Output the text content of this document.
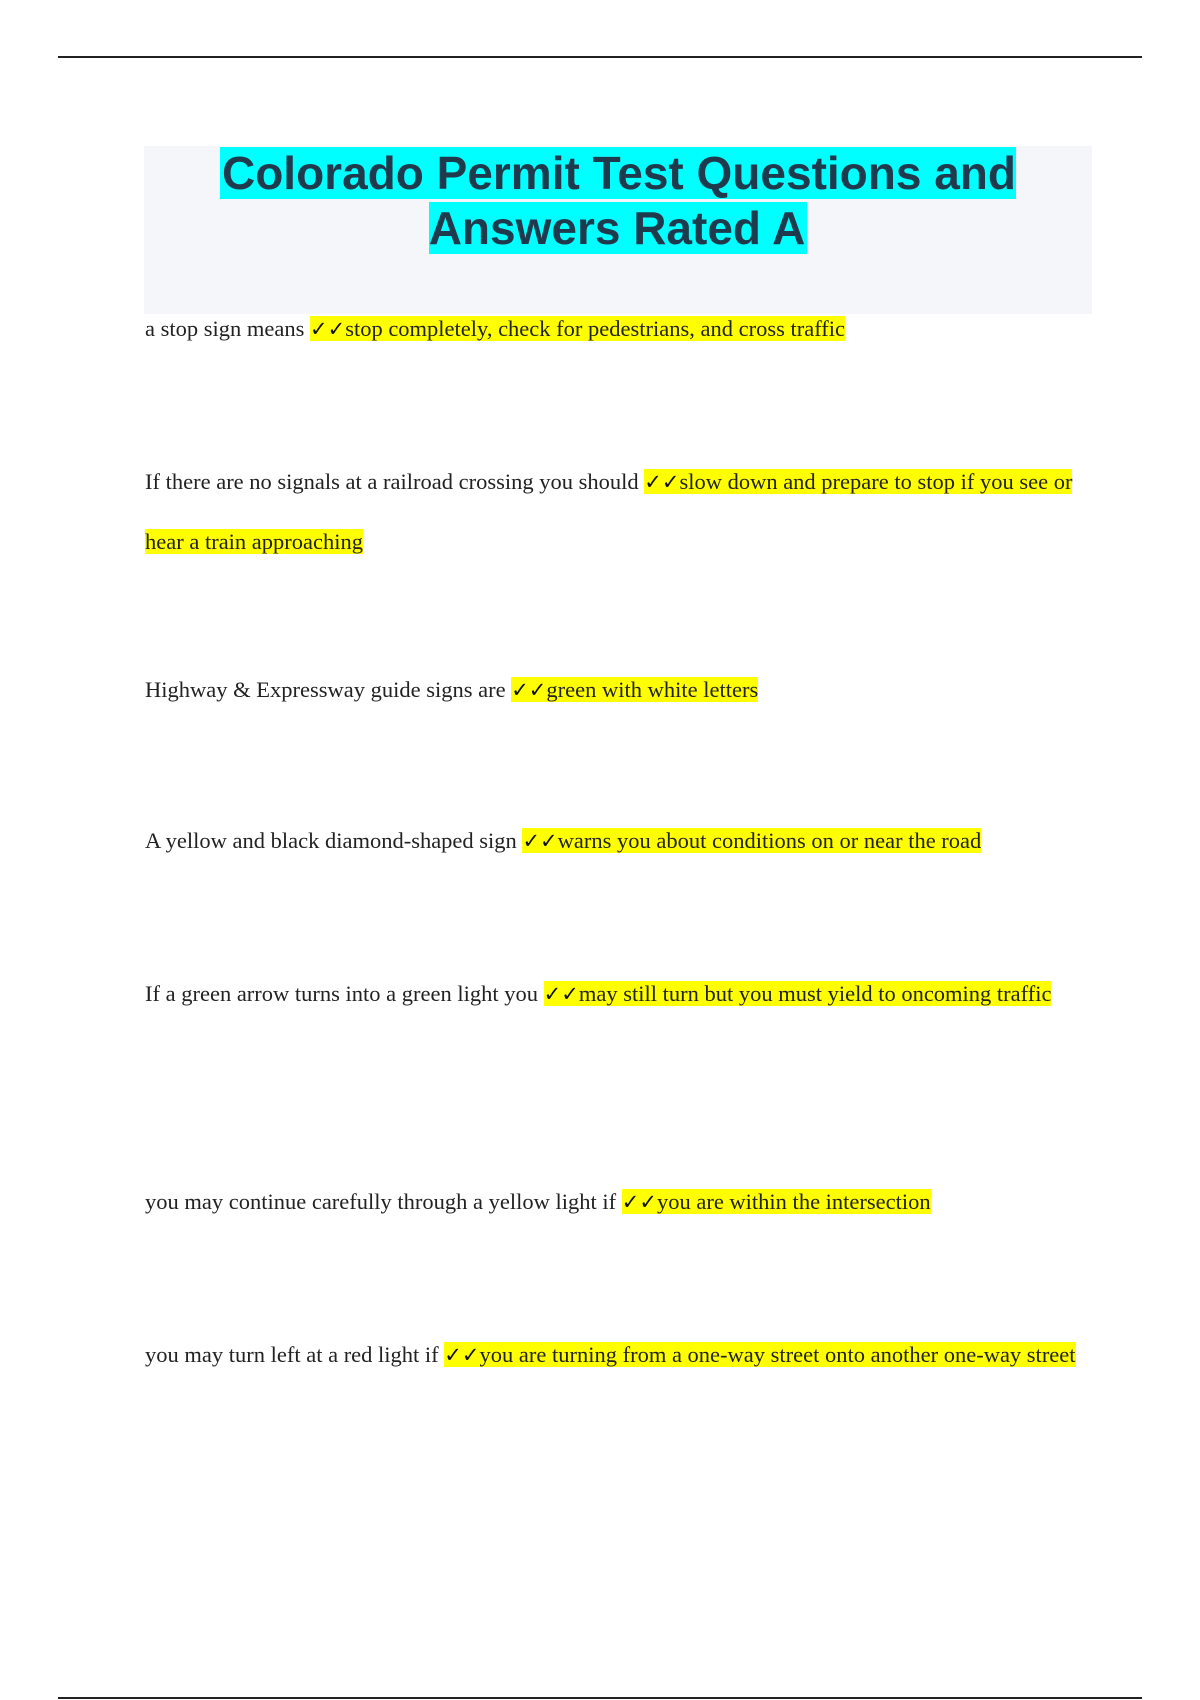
Colorado Permit Test Questions and Answers Rated A

a stop sign means ✓✓stop completely, check for pedestrians, and cross traffic

If there are no signals at a railroad crossing you should ✓✓slow down and prepare to stop if you see or hear a train approaching

Highway & Expressway guide signs are ✓✓green with white letters

A yellow and black diamond-shaped sign ✓✓warns you about conditions on or near the road

If a green arrow turns into a green light you ✓✓may still turn but you must yield to oncoming traffic

you may continue carefully through a yellow light if ✓✓you are within the intersection

you may turn left at a red light if ✓✓you are turning from a one-way street onto another one-way street
